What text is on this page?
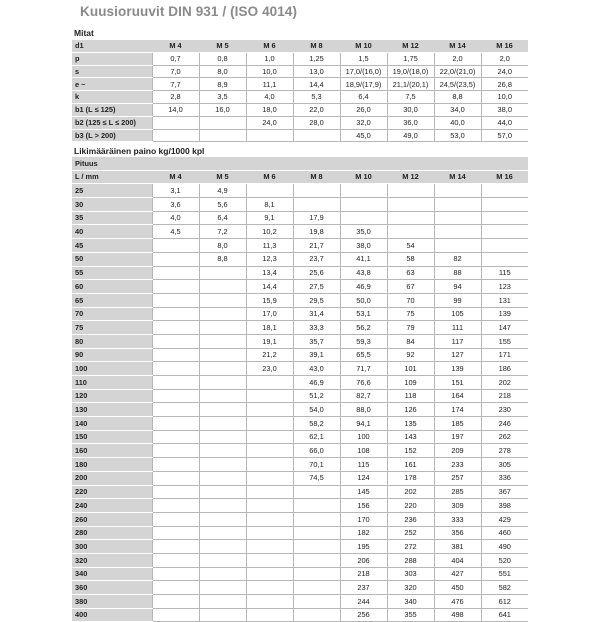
Kuusioruuvit DIN 931 / (ISO 4014)
Mitat
d1	M 4	M 5	M 6	M 8	M 10	M 12	M 14	M 16
p	0,7	0,8	1,0	1,25	1,5	1,75	2,0	2,0
s	7,0	8,0	10,0	13,0	17,0/(16,0)	19,0/(18,0)	22,0/(21,0)	24,0
e ~	7,7	8,9	11,1	14,4	18,9/(17,9)	21,1/(20,1)	24,5/(23,5)	26,8
k	2,8	3,5	4,0	5,3	6,4	7,5	8,8	10,0
b1 (L ≤ 125)	14,0	16,0	18,0	22,0	26,0	30,0	34,0	38,0
b2 (125 ≤ L ≤ 200)			24,0	28,0	32,0	36,0	40,0	44,0
b3 (L > 200)					45,0	49,0	53,0	57,0
Likimääräinen paino kg/1000 kpl
Pituus								
L / mm	M 4	M 5	M 6	M 8	M 10	M 12	M 14	M 16
25	3,1	4,9						
30	3,6	5,6	8,1					
35	4,0	6,4	9,1	17,9				
40	4,5	7,2	10,2	19,8	35,0			
45		8,0	11,3	21,7	38,0	54		
50		8,8	12,3	23,7	41,1	58	82	
55			13,4	25,6	43,8	63	88	115
60			14,4	27,5	46,9	67	94	123
65			15,9	29,5	50,0	70	99	131
70			17,0	31,4	53,1	75	105	139
75			18,1	33,3	56,2	79	111	147
80			19,1	35,7	59,3	84	117	155
90			21,2	39,1	65,5	92	127	171
100			23,0	43,0	71,7	101	139	186
110				46,9	76,6	109	151	202
120				51,2	82,7	118	164	218
130				54,0	88,0	126	174	230
140				58,2	94,1	135	185	246
150				62,1	100	143	197	262
160				66,0	108	152	209	278
180				70,1	115	161	233	305
200				74,5	124	178	257	336
220					145	202	285	367
240					156	220	309	398
260					170	236	333	429
280					182	252	356	460
300					195	272	381	490
320					206	288	404	520
340					218	303	427	551
360					237	320	450	582
380					244	340	476	612
400					256	355	498	641
